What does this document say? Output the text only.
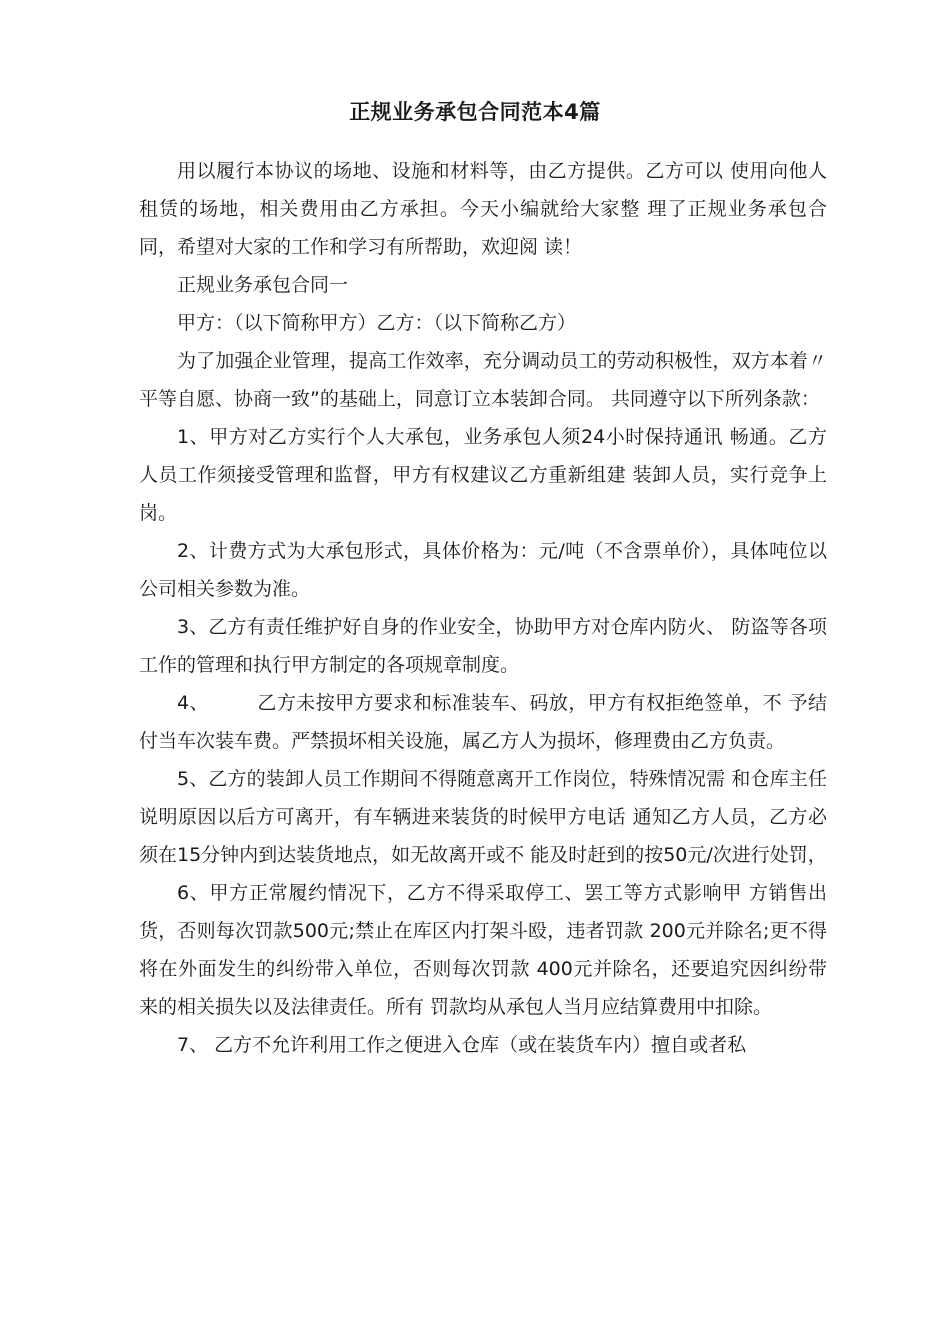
正规业务承包合同范本4篇

用以履行本协议的场地、设施和材料等，由乙方提供。乙方可以 使用向他人租赁的场地，相关费用由乙方承担。今天小编就给大家整 理了正规业务承包合同，希望对大家的工作和学习有所帮助，欢迎阅 读！

正规业务承包合同一

甲方：（以下简称甲方）乙方：（以下简称乙方）

为了加强企业管理，提高工作效率，充分调动员工的劳动积极性，双方本着〃平等自愿、协商一致”的基础上，同意订立本装卸合同。 共同遵守以下所列条款：

1、甲方对乙方实行个人大承包，业务承包人须24小时保持通讯 畅通。乙方人员工作须接受管理和监督，甲方有权建议乙方重新组建 装卸人员，实行竞争上岗。

2、计费方式为大承包形式，具体价格为：元/吨（不含票单价），具体吨位以公司相关参数为准。

3、乙方有责任维护好自身的作业安全，协助甲方对仓库内防火、 防盗等各项工作的管理和执行甲方制定的各项规章制度。

4、	乙方未按甲方要求和标准装车、码放，甲方有权拒绝签单，不 予结付当车次装车费。严禁损坏相关设施，属乙方人为损坏，修理费由乙方负责。

5、乙方的装卸人员工作期间不得随意离开工作岗位，特殊情况需 和仓库主任说明原因以后方可离开，有车辆进来装货的时候甲方电话 通知乙方人员，乙方必须在15分钟内到达装货地点，如无故离开或不 能及时赶到的按50元/次进行处罚，

6、甲方正常履约情况下，乙方不得采取停工、罢工等方式影响甲 方销售出货，否则每次罚款500元;禁止在库区内打架斗殴，违者罚款 200元并除名;更不得将在外面发生的纠纷带入单位，否则每次罚款 400元并除名，还要追究因纠纷带来的相关损失以及法律责任。所有 罚款均从承包人当月应结算费用中扣除。

7、 乙方不允许利用工作之便进入仓库（或在装货车内）擅自或者私
